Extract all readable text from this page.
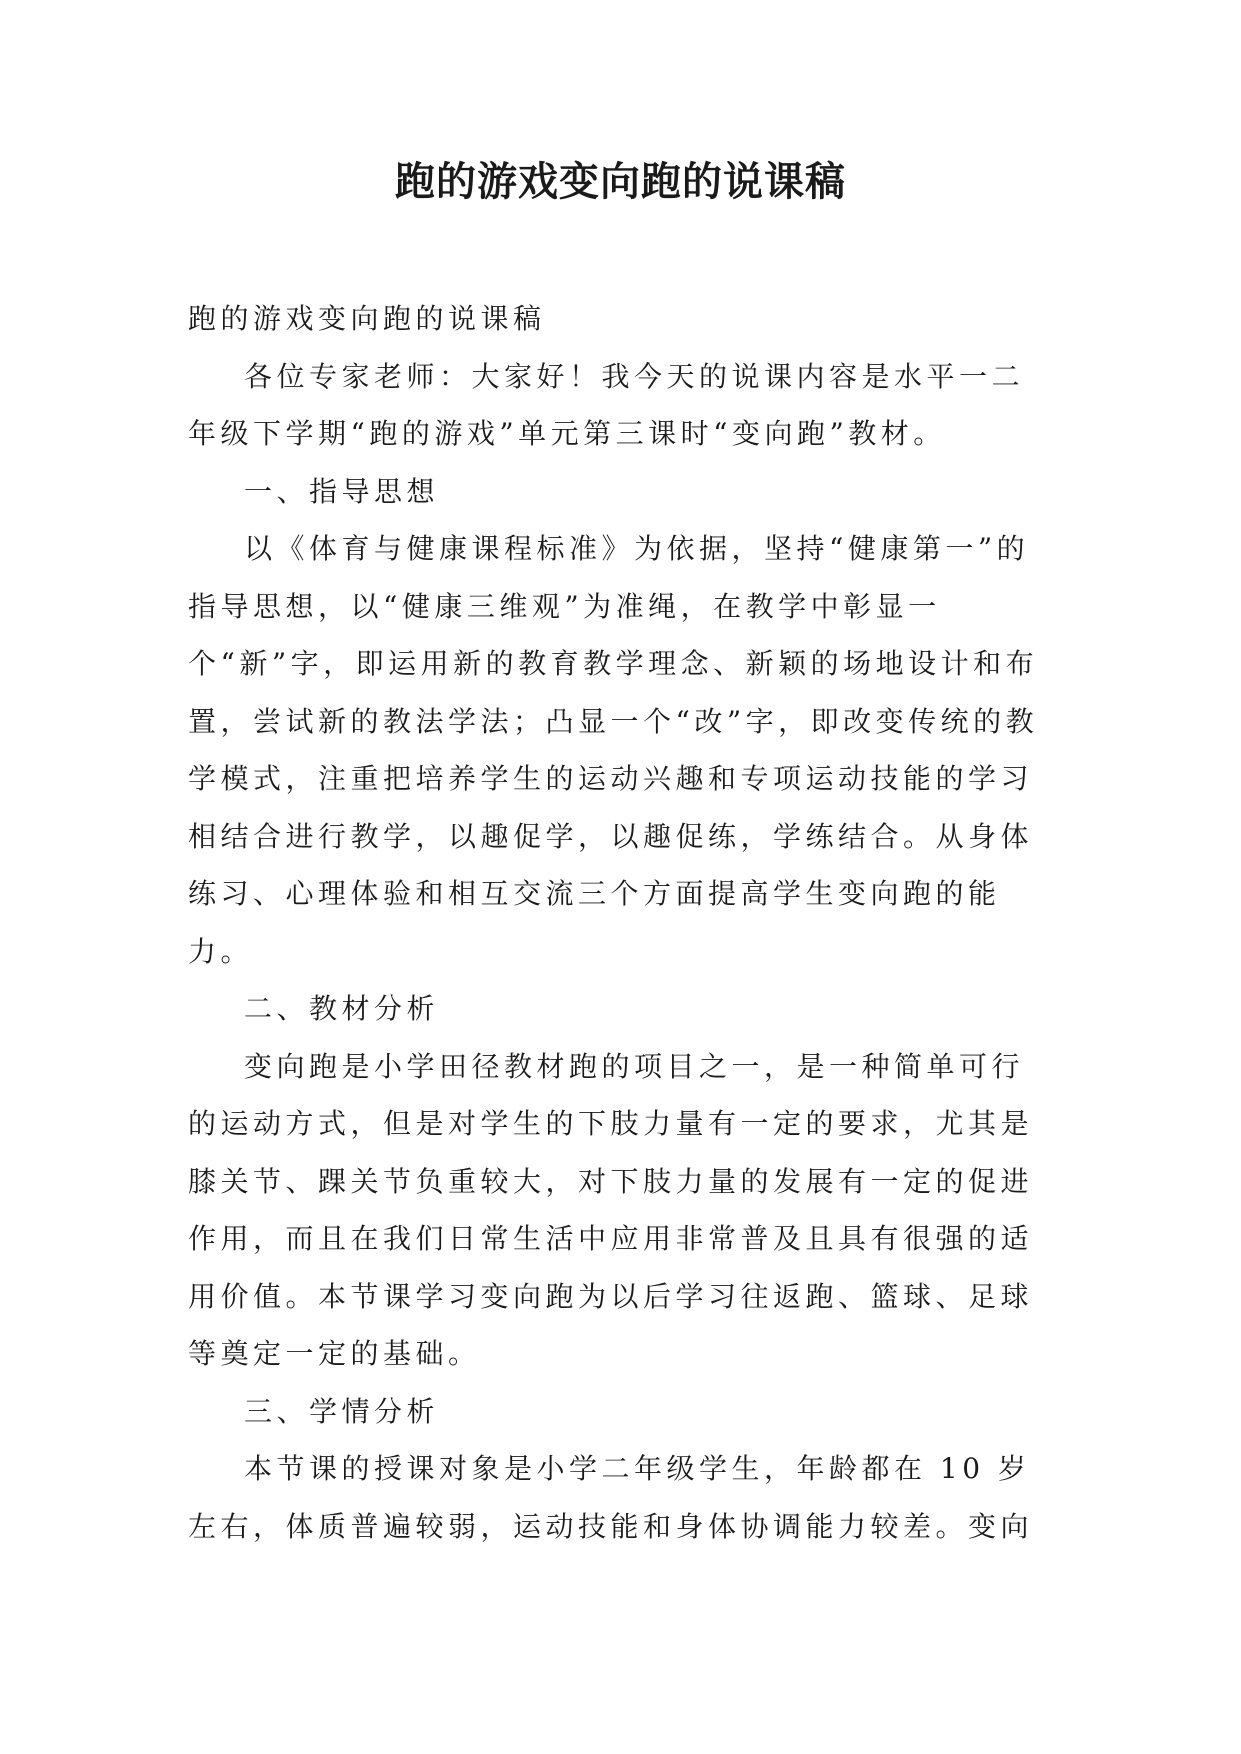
跑的游戏变向跑的说课稿

跑的游戏变向跑的说课稿

各位专家老师：大家好！我今天的说课内容是水平一二年级下学期“跑的游戏”单元第三课时“变向跑”教材。

一、指导思想

以《体育与健康课程标准》为依据，坚持“健康第一”的指导思想，以“健康三维观”为准绳，在教学中彰显一个“新”字，即运用新的教育教学理念、新颖的场地设计和布置，尝试新的教法学法；凸显一个“改”字，即改变传统的教学模式，注重把培养学生的运动兴趣和专项运动技能的学习相结合进行教学，以趣促学，以趣促练，学练结合。从身体练习、心理体验和相互交流三个方面提高学生变向跑的能力。

二、教材分析

变向跑是小学田径教材跑的项目之一，是一种简单可行的运动方式，但是对学生的下肢力量有一定的要求，尤其是膝关节、踝关节负重较大，对下肢力量的发展有一定的促进作用，而且在我们日常生活中应用非常普及且具有很强的适用价值。本节课学习变向跑为以后学习往返跑、篮球、足球等奠定一定的基础。

三、学情分析

本节课的授课对象是小学二年级学生，年龄都在 10 岁左右，体质普遍较弱，运动技能和身体协调能力较差。变向
